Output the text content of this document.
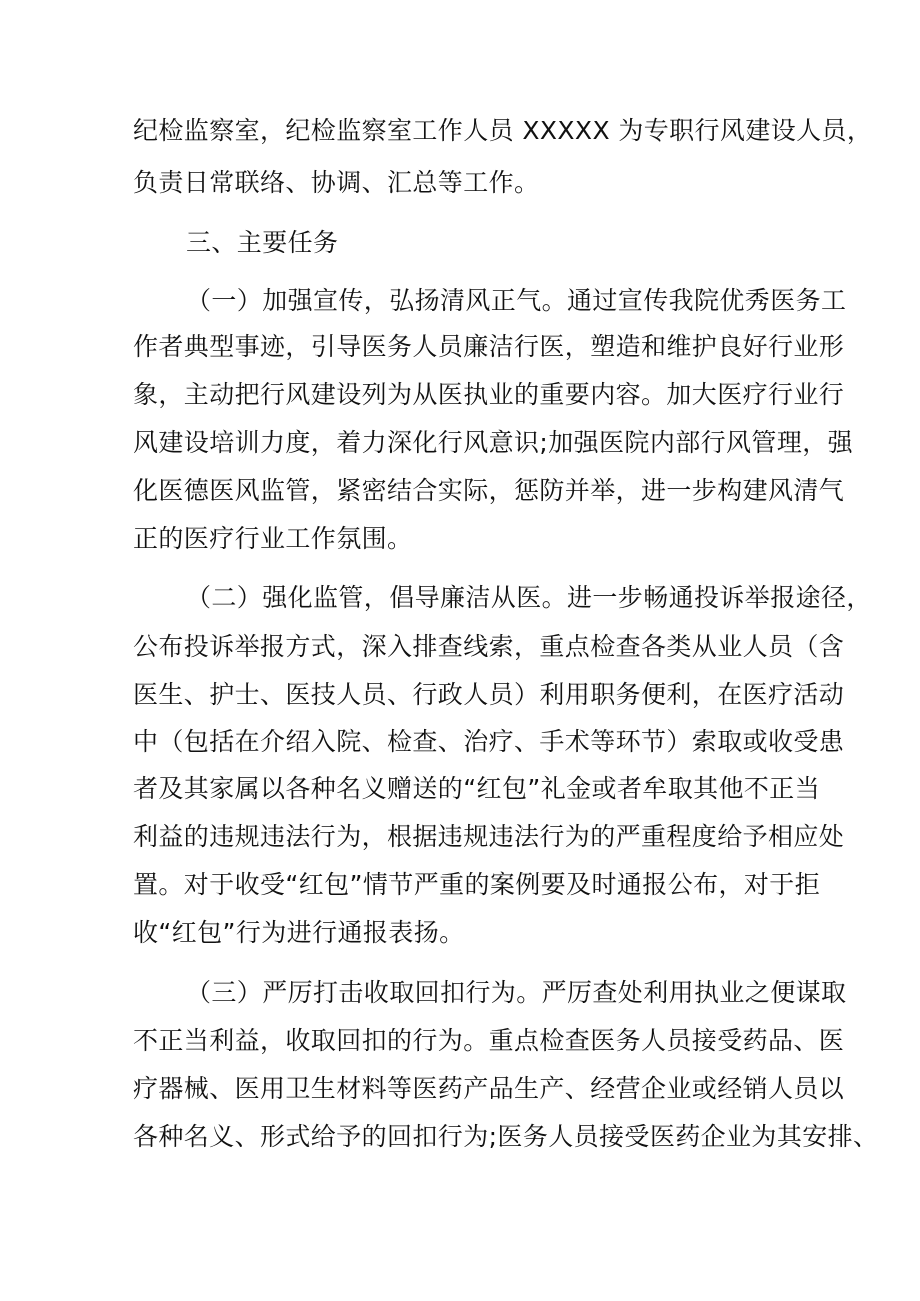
纪检监察室，纪检监察室工作人员 XXXXX 为专职行风建设人员，
负责日常联络、协调、汇总等工作。
三、主要任务
（一）加强宣传，弘扬清风正气。通过宣传我院优秀医务工
作者典型事迹，引导医务人员廉洁行医，塑造和维护良好行业形
象，主动把行风建设列为从医执业的重要内容。加大医疗行业行
风建设培训力度，着力深化行风意识;加强医院内部行风管理，强
化医德医风监管，紧密结合实际，惩防并举，进一步构建风清气
正的医疗行业工作氛围。
（二）强化监管，倡导廉洁从医。进一步畅通投诉举报途径，
公布投诉举报方式，深入排查线索，重点检查各类从业人员（含
医生、护士、医技人员、行政人员）利用职务便利，在医疗活动
中（包括在介绍入院、检查、治疗、手术等环节）索取或收受患
者及其家属以各种名义赠送的“红包”礼金或者牟取其他不正当
利益的违规违法行为，根据违规违法行为的严重程度给予相应处
置。对于收受“红包”情节严重的案例要及时通报公布，对于拒
收“红包”行为进行通报表扬。
（三）严厉打击收取回扣行为。严厉查处利用执业之便谋取
不正当利益，收取回扣的行为。重点检查医务人员接受药品、医
疗器械、医用卫生材料等医药产品生产、经营企业或经销人员以
各种名义、形式给予的回扣行为;医务人员接受医药企业为其安排、
